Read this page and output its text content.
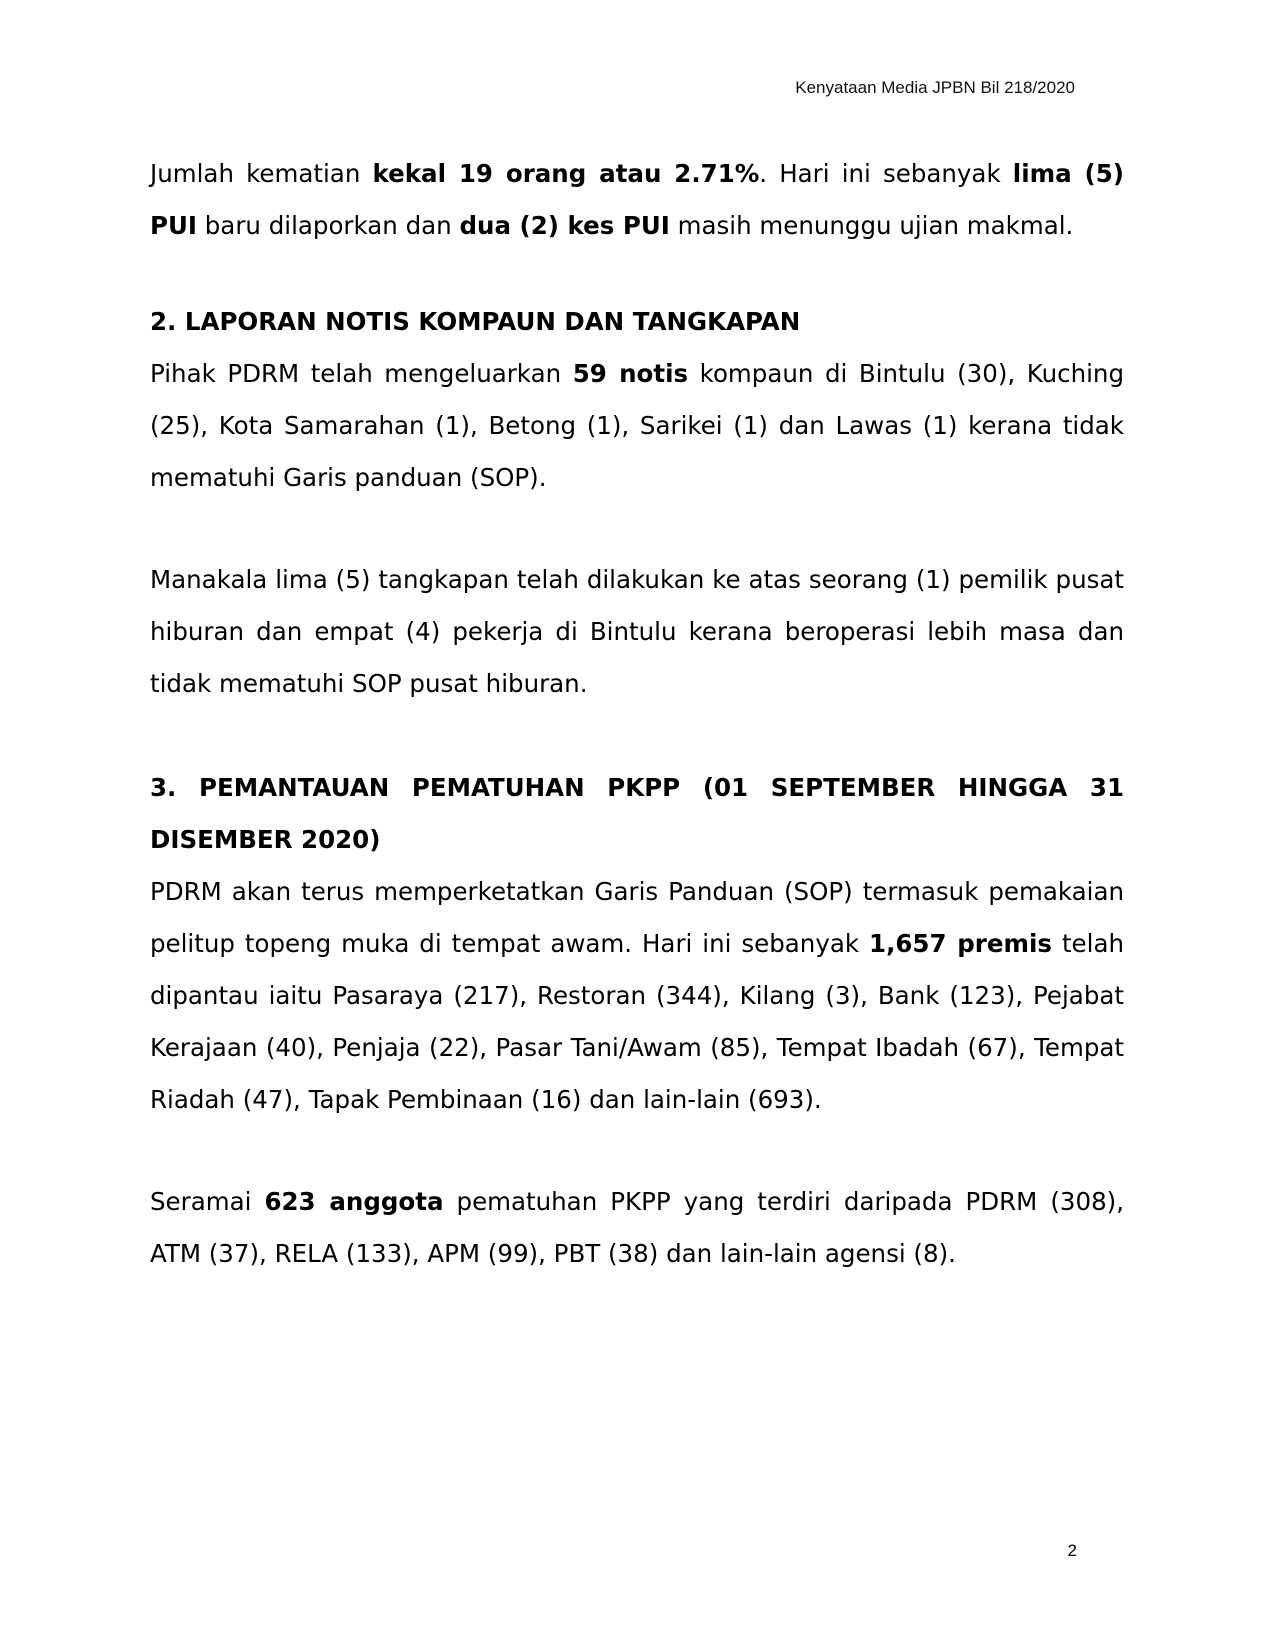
Kenyataan Media JPBN Bil 218/2020

Jumlah kematian kekal 19 orang atau 2.71%. Hari ini sebanyak lima (5) PUI baru dilaporkan dan dua (2) kes PUI masih menunggu ujian makmal.

2. LAPORAN NOTIS KOMPAUN DAN TANGKAPAN

Pihak PDRM telah mengeluarkan 59 notis kompaun di Bintulu (30), Kuching (25), Kota Samarahan (1), Betong (1), Sarikei (1) dan Lawas (1) kerana tidak mematuhi Garis panduan (SOP).

Manakala lima (5) tangkapan telah dilakukan ke atas seorang (1) pemilik pusat hiburan dan empat (4) pekerja di Bintulu kerana beroperasi lebih masa dan tidak mematuhi SOP pusat hiburan.

3. PEMANTAUAN PEMATUHAN PKPP (01 SEPTEMBER HINGGA 31 DISEMBER 2020)

PDRM akan terus memperketatkan Garis Panduan (SOP) termasuk pemakaian pelitup topeng muka di tempat awam. Hari ini sebanyak 1,657 premis telah dipantau iaitu Pasaraya (217), Restoran (344), Kilang (3), Bank (123), Pejabat Kerajaan (40), Penjaja (22), Pasar Tani/Awam (85), Tempat Ibadah (67), Tempat Riadah (47), Tapak Pembinaan (16) dan lain-lain (693).

Seramai 623 anggota pematuhan PKPP yang terdiri daripada PDRM (308), ATM (37), RELA (133), APM (99), PBT (38) dan lain-lain agensi (8).

2
